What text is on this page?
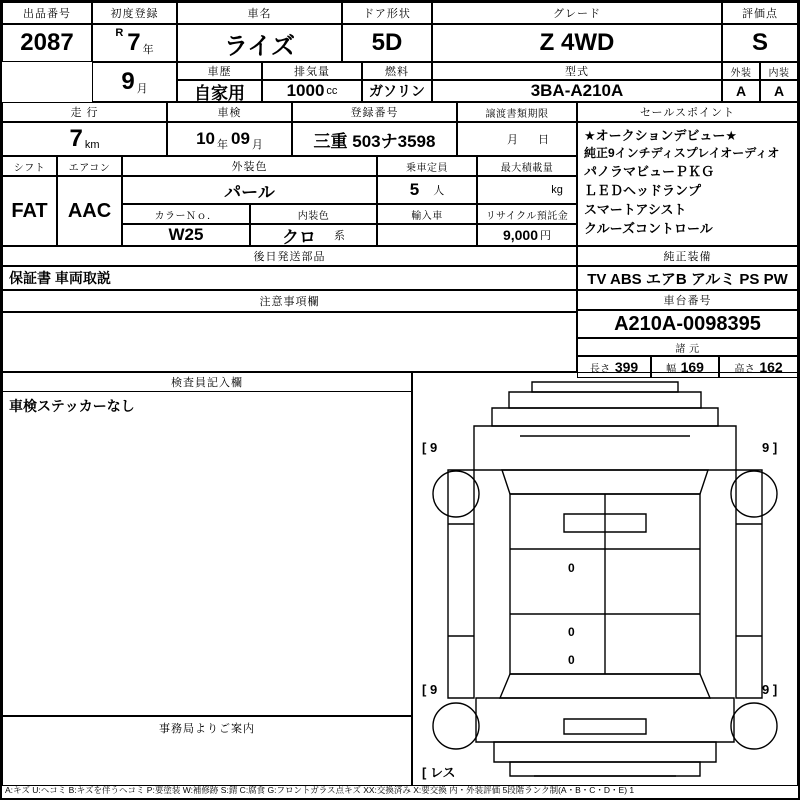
出品番号
2087
初度登録
R 7 年
車名
ライズ
ドア形状
5D
グレード
Z 4WD
評価点
S
9 月
車歴
自家用
排気量
1000 cc
燃料
ガソリン
型式
3BA-A210A
外装
A
内装
A
走 行
7 km
車検
10 年 09 月
登録番号
三重 503ナ3598
譲渡書類期限
月 日
セールスポイント
★オークションデビュー★
純正9インチディスプレイオーディオ
パノラマビューＰＫＧ
ＬＥＤヘッドランプ
スマートアシスト
クルーズコントロール
シフト	エアコン
FAT	AAC
外装色
パール
カラーＮｏ．	内装色
W25	クロ 系
乗車定員
5 人
輸入車
最大積載量
kg
リサイクル預託金
9,000 円
後日発送部品
保証書 車両取説
純正装備
TV ABS エアB アルミ PS PW
注意事項欄	車台番号
A210A-0098395
諸 元
長さ 399	幅 169	高さ 162
検査員記入欄
車検ステッカーなし
事務局よりご案内
0
0
0
[ 9	9 ]
[ 9	9 ]
[ レス
A:キズ U:ヘコミ B:キズを伴うヘコミ P:要塗装 W:補修跡 S:錆 C:腐食 G:フロントガラス点キズ XX:交換済み X:要交換 内・外装評価 5段階ランク制(A・B・C・D・E) 1
